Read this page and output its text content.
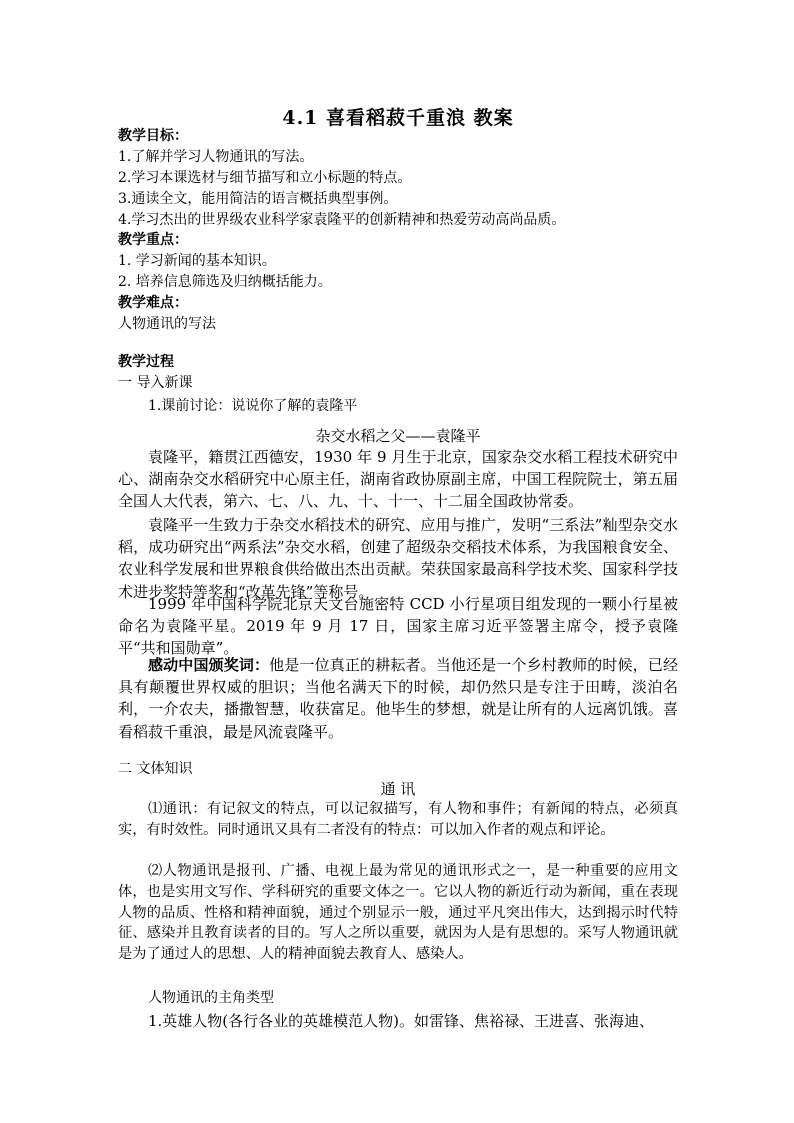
4.1 喜看稻菽千重浪 教案
教学目标：
1.了解并学习人物通讯的写法。
2.学习本课选材与细节描写和立小标题的特点。
3.通读全文，能用简洁的语言概括典型事例。
4.学习杰出的世界级农业科学家袁隆平的创新精神和热爱劳动高尚品质。
教学重点：
1. 学习新闻的基本知识。
2. 培养信息筛选及归纳概括能力。
教学难点：
人物通讯的写法
教学过程
一 导入新课
1.课前讨论：说说你了解的袁隆平
杂交水稻之父——袁隆平
袁隆平，籍贯江西德安，1930 年 9 月生于北京，国家杂交水稻工程技术研究中心、湖南杂交水稻研究中心原主任，湖南省政协原副主席，中国工程院院士，第五届全国人大代表，第六、七、八、九、十、十一、十二届全国政协常委。
袁隆平一生致力于杂交水稻技术的研究、应用与推广，发明“三系法”籼型杂交水稻，成功研究出“两系法”杂交水稻，创建了超级杂交稻技术体系，为我国粮食安全、农业科学发展和世界粮食供给做出杰出贡献。荣获国家最高科学技术奖、国家科学技术进步奖特等奖和“改革先锋”等称号。
1999 年中国科学院北京天文台施密特 CCD 小行星项目组发现的一颗小行星被命名为袁隆平星。2019 年 9 月 17 日，国家主席习近平签署主席令，授予袁隆平“共和国勋章”。
感动中国颁奖词：他是一位真正的耕耘者。当他还是一个乡村教师的时候，已经具有颠覆世界权威的胆识；当他名满天下的时候，却仍然只是专注于田畴，淡泊名利，一介农夫，播撒智慧，收获富足。他毕生的梦想，就是让所有的人远离饥饿。喜看稻菽千重浪，最是风流袁隆平。
二 文体知识
通 讯
⑴通讯：有记叙文的特点，可以记叙描写，有人物和事件；有新闻的特点，必须真实，有时效性。同时通讯又具有二者没有的特点：可以加入作者的观点和评论。
⑵人物通讯是报刊、广播、电视上最为常见的通讯形式之一，是一种重要的应用文体，也是实用文写作、学科研究的重要文体之一。它以人物的新近行动为新闻，重在表现人物的品质、性格和精神面貌，通过个别显示一般，通过平凡突出伟大，达到揭示时代特征、感染并且教育读者的目的。写人之所以重要，就因为人是有思想的。采写人物通讯就是为了通过人的思想、人的精神面貌去教育人、感染人。
人物通讯的主角类型
1.英雄人物(各行各业的英雄模范人物)。如雷锋、焦裕禄、王进喜、张海迪、
